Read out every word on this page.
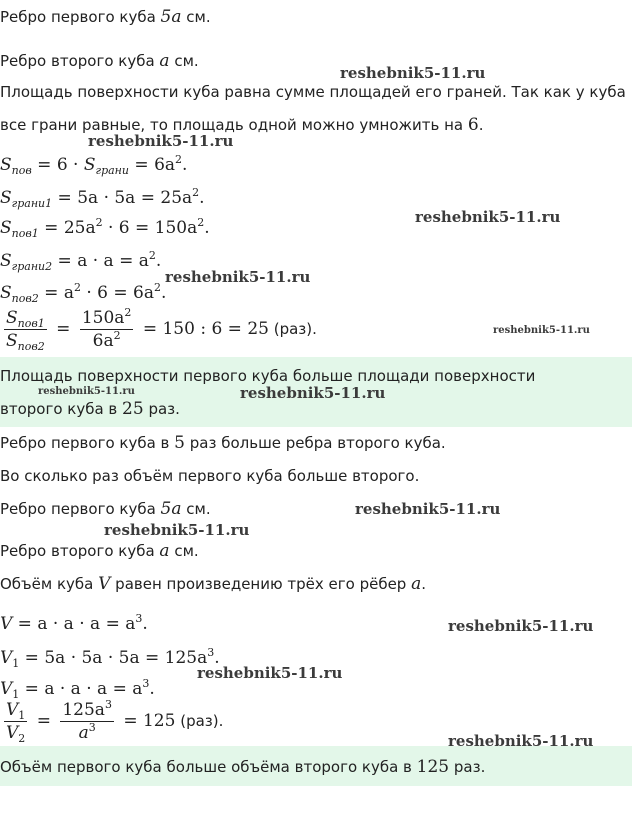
Ребро первого куба 5a см.
Ребро второго куба a см.
Площадь поверхности куба равна сумме площадей его граней. Так как у куба
все грани равные, то площадь одной можно умножить на 6.
$S_{пов} = 6 \cdot S_{грани} = 6a^2$.
$S_{грани1} = 5a \cdot 5a = 25a^2$.
$S_{пов1} = 25a^2 \cdot 6 = 150a^2$.
$S_{грани2} = a \cdot a = a^2$.
$S_{пов2} = a^2 \cdot 6 = 6a^2$.
$\frac{S_{пов1}}{S_{пов2}} = \frac{150a^2}{6a^2} = 150$ : 6 = 25 (раз).
Площадь поверхности первого куба больше площади поверхности
второго куба в 25 раз.
Ребро первого куба в 5 раз больше ребра второго куба.
Во сколько раз объём первого куба больше второго.
Ребро первого куба 5a см.
Ребро второго куба a см.
Объём куба V равен произведению трёх его рёбер a.
$V = a \cdot a \cdot a = a^3$.
$V_1 = 5a \cdot 5a \cdot 5a = 125a^3$.
$V_1 = a \cdot a \cdot a = a^3$.
$\frac{V_1}{V_2} = \frac{125a^3}{a^3} = 125$ (раз).
Объём первого куба больше объёма второго куба в 125 раз.
reshebnik5-11.ru
reshebnik5-11.ru
reshebnik5-11.ru
reshebnik5-11.ru
reshebnik5-11.ru
reshebnik5-11.ru	reshebnik5-11.ru
reshebnik5-11.ru
reshebnik5-11.ru
reshebnik5-11.ru
reshebnik5-11.ru
reshebnik5-11.ru
